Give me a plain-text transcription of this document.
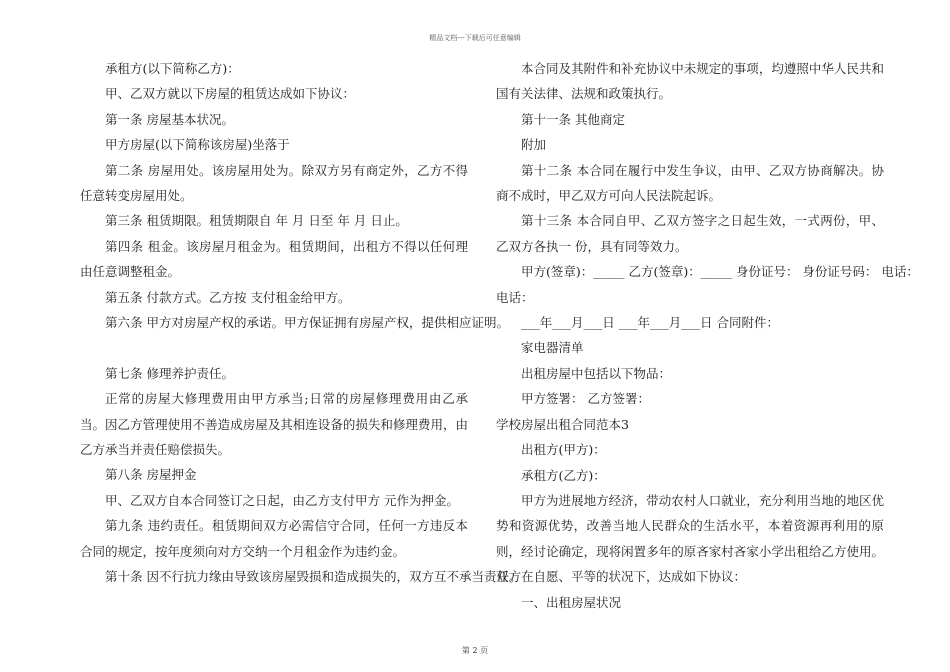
精品文档---下载后可任意编辑

承租方(以下简称乙方)：

甲、乙双方就以下房屋的租赁达成如下协议：

第一条 房屋基本状况。

甲方房屋(以下简称该房屋)坐落于

第二条 房屋用处。该房屋用处为。除双方另有商定外，乙方不得任意转变房屋用处。

第三条 租赁期限。租赁期限自 年 月 日至 年 月 日止。

第四条 租金。该房屋月租金为。租赁期间，出租方不得以任何理由任意调整租金。

第五条 付款方式。乙方按 支付租金给甲方。

第六条 甲方对房屋产权的承诺。甲方保证拥有房屋产权，提供相应证明。

第七条 修理养护责任。

正常的房屋大修理费用由甲方承当;日常的房屋修理费用由乙承当。因乙方管理使用不善造成房屋及其相连设备的损失和修理费用，由乙方承当并责任赔偿损失。

第八条 房屋押金

甲、乙双方自本合同签订之日起，由乙方支付甲方 元作为押金。

第九条 违约责任。租赁期间双方必需信守合同，任何一方违反本合同的规定，按年度须向对方交纳一个月租金作为违约金。

第十条 因不行抗力缘由导致该房屋毁损和造成损失的，双方互不承当责任。

本合同及其附件和补充协议中未规定的事项，均遵照中华人民共和国有关法律、法规和政策执行。

第十一条 其他商定

附加

第十二条 本合同在履行中发生争议，由甲、乙双方协商解决。协商不成时，甲乙双方可向人民法院起诉。

第十三条 本合同自甲、乙双方签字之日起生效，一式两份，甲、乙双方各执一 份，具有同等效力。

甲方(签章)：_____ 乙方(签章)：_____ 身份证号： 身份证号码： 电话：

电话：

___年___月___日 ___年___月___日 合同附件：

家电器清单

出租房屋中包括以下物品：

甲方签署： 乙方签署：

学校房屋出租合同范本3

出租方(甲方)：

承租方(乙方)：

甲方为进展地方经济，带动农村人口就业，充分利用当地的地区优势和资源优势，改善当地人民群众的生活水平，本着资源再利用的原则，经讨论确定，现将闲置多年的原吝家村吝家小学出租给乙方使用。双方在自愿、平等的状况下，达成如下协议：

一、出租房屋状况

第 2 页
